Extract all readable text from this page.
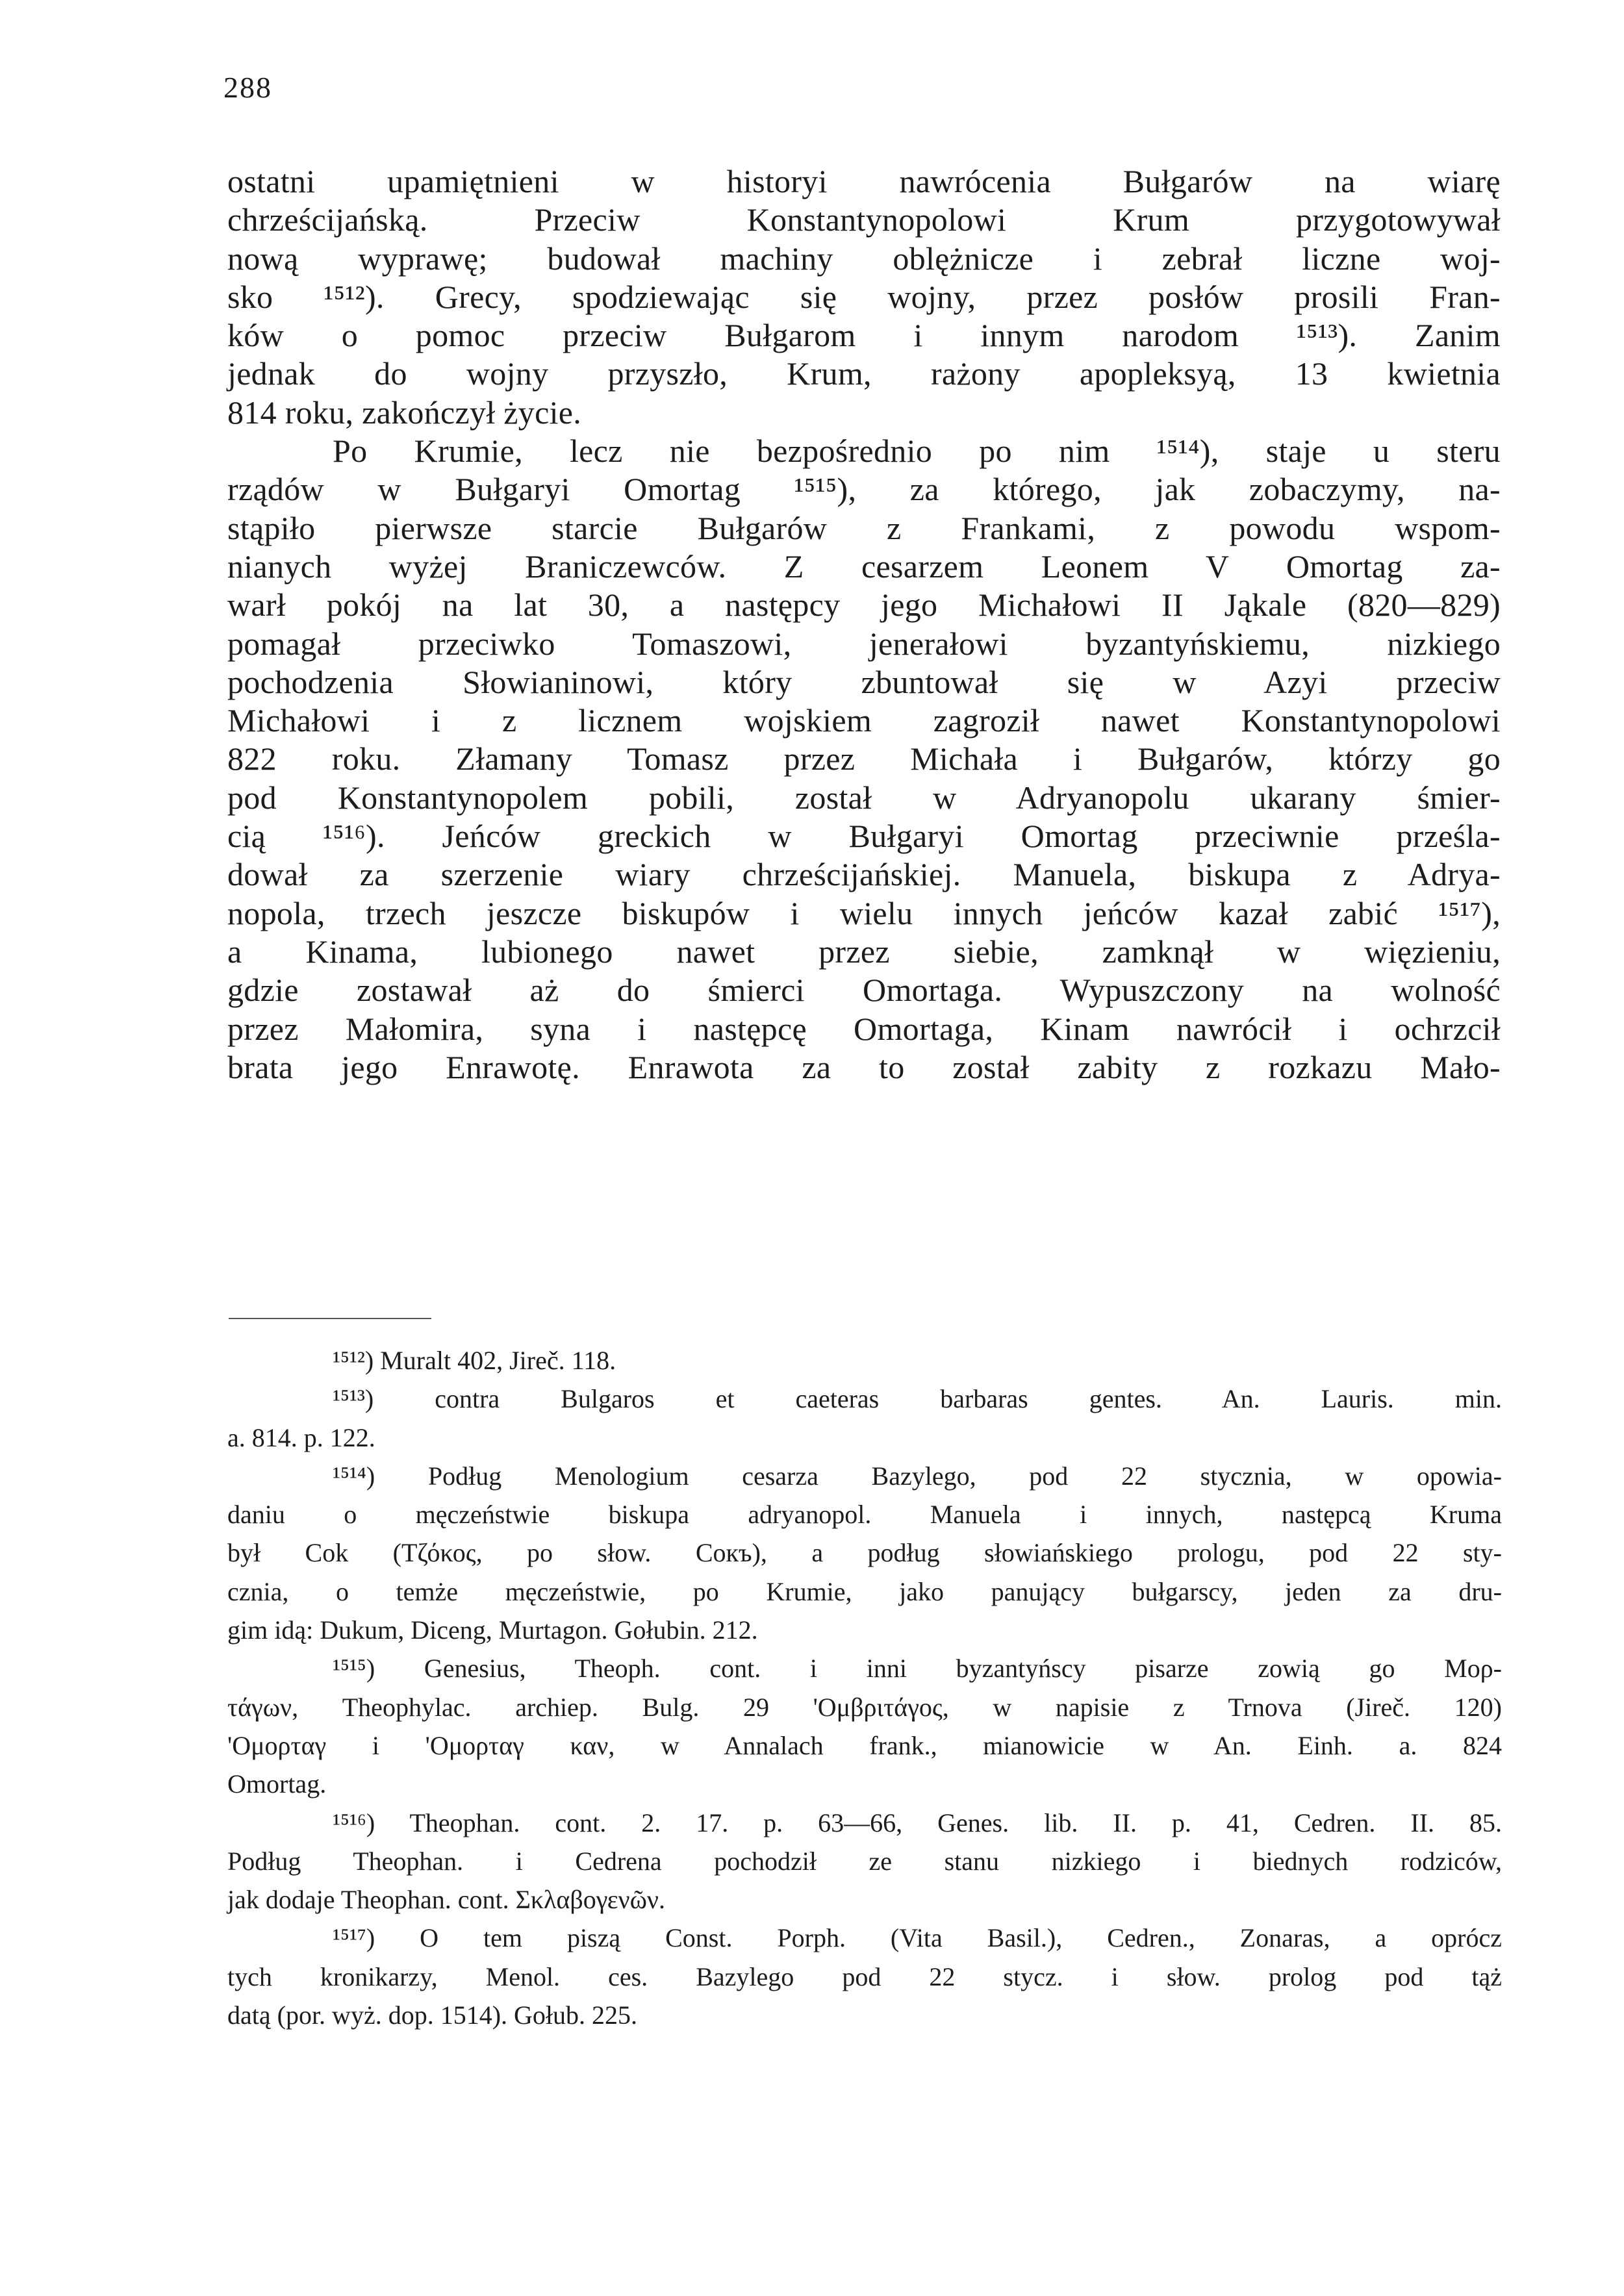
288
ostatni upamiętnieni w historyi nawrócenia Bułgarów na wiarę
chrześcijańską. Przeciw Konstantynopolowi Krum przygotowywał
nową wyprawę; budował machiny oblężnicze i zebrał liczne woj-
sko ¹⁵¹²). Grecy, spodziewając się wojny, przez posłów prosili Fran-
ków o pomoc przeciw Bułgarom i innym narodom ¹⁵¹³). Zanim
jednak do wojny przyszło, Krum, rażony apopleksyą, 13 kwietnia
814 roku, zakończył życie.
Po Krumie, lecz nie bezpośrednio po nim ¹⁵¹⁴), staje u steru
rządów w Bułgaryi Omortag ¹⁵¹⁵), za którego, jak zobaczymy, na-
stąpiło pierwsze starcie Bułgarów z Frankami, z powodu wspom-
nianych wyżej Braniczewców. Z cesarzem Leonem V Omortag za-
warł pokój na lat 30, a następcy jego Michałowi II Jąkale (820—829)
pomagał przeciwko Tomaszowi, jenerałowi byzantyńskiemu, nizkiego
pochodzenia Słowianinowi, który zbuntował się w Azyi przeciw
Michałowi i z licznem wojskiem zagroził nawet Konstantynopolowi
822 roku. Złamany Tomasz przez Michała i Bułgarów, którzy go
pod Konstantynopolem pobili, został w Adryanopolu ukarany śmier-
cią ¹⁵¹⁶). Jeńców greckich w Bułgaryi Omortag przeciwnie prześla-
dował za szerzenie wiary chrześcijańskiej. Manuela, biskupa z Adrya-
nopola, trzech jeszcze biskupów i wielu innych jeńców kazał zabić ¹⁵¹⁷),
a Kinama, lubionego nawet przez siebie, zamknął w więzieniu,
gdzie zostawał aż do śmierci Omortaga. Wypuszczony na wolność
przez Małomira, syna i następcę Omortaga, Kinam nawrócił i ochrzcił
brata jego Enrawotę. Enrawota za to został zabity z rozkazu Mało-
¹⁵¹²) Muralt 402, Jireč. 118.
¹⁵¹³) contra Bulgaros et caeteras barbaras gentes. An. Lauris. min.
a. 814. p. 122.
¹⁵¹⁴) Podług Menologium cesarza Bazylego, pod 22 stycznia, w opowia-
daniu o męczeństwie biskupa adryanopol. Manuela i innych, następcą Kruma
był Cok (Τζόκος, po słow. Сокъ), a podług słowiańskiego prologu, pod 22 sty-
cznia, o temże męczeństwie, po Krumie, jako panujący bułgarscy, jeden za dru-
gim idą: Dukum, Diceng, Murtagon. Gołubin. 212.
¹⁵¹⁵) Genesius, Theoph. cont. i inni byzantyńscy pisarze zowią go Μορ-
τάγων, Theophylac. archiep. Bulg. 29 'Ομβριτάγος, w napisie z Trnova (Jireč. 120)
'Ομορταγ i 'Ομορταγ καν, w Annalach frank., mianowicie w An. Einh. a. 824
Omortag.
¹⁵¹⁶) Theophan. cont. 2. 17. p. 63—66, Genes. lib. II. p. 41, Cedren. II. 85.
Podług Theophan. i Cedrena pochodził ze stanu nizkiego i biednych rodziców,
jak dodaje Theophan. cont. Σκλαβογενῶν.
¹⁵¹⁷) O tem piszą Const. Porph. (Vita Basil.), Cedren., Zonaras, a oprócz
tych kronikarzy, Menol. ces. Bazylego pod 22 stycz. i słow. prolog pod tąż
datą (por. wyż. dop. 1514). Gołub. 225.
